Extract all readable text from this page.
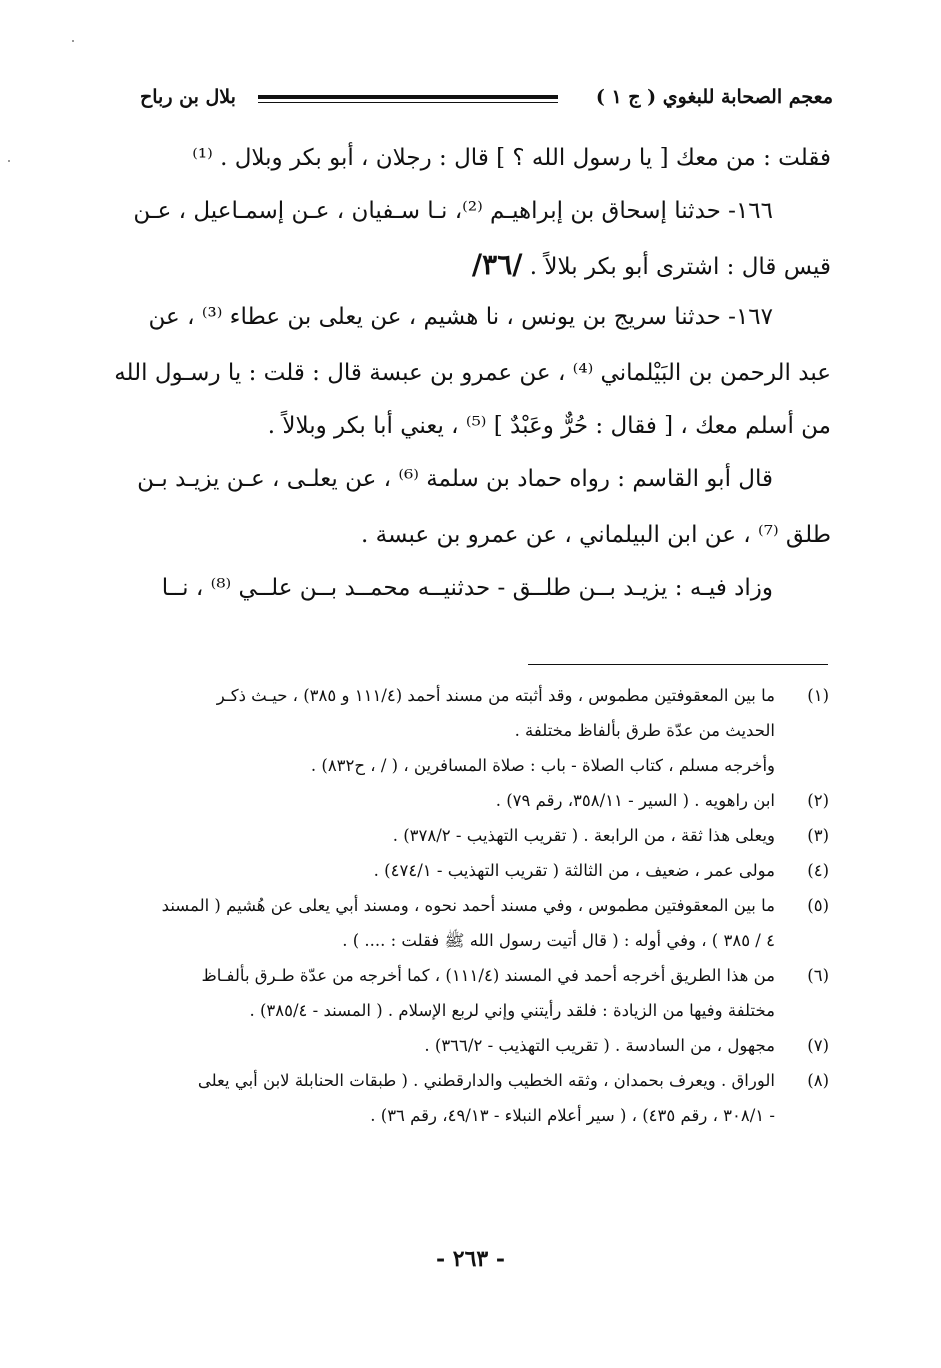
معجم الصحابة للبغوي ( ج ١ )
بلال بن رباح
فقلت : من معك [ يا رسول الله ؟ ] قال : رجلان ، أبو بكر وبلال . ⁽¹⁾
١٦٦- حدثنا إسحاق بن إبراهيـم ⁽²⁾، نـا سـفيان ، عـن إسمـاعيل ، عـن
قيس قال : اشترى أبو بكر بلالاً . /٣٦/
١٦٧- حدثنا سريج بن يونس ، نا هشيم ، عن يعلى بن عطاء ⁽³⁾ ، عن
عبد الرحمن بن البَيْلماني ⁽⁴⁾ ، عن عمرو بن عبسة قال : قلت : يا رسـول الله
من أسلم معك ، [ فقال : حُرٌّ وعَبْدٌ ] ⁽⁵⁾ ، يعني أبا بكر وبلالاً .
قال أبو القاسم : رواه حماد بن سلمة ⁽⁶⁾ ، عن يعلـى ، عـن يزيـد بـن
طلق ⁽⁷⁾ ، عن ابن البيلماني ، عن عمرو بن عبسة .
وزاد فيـه : يزيـد بــن طلــق - حدثنيــه محمــد بــن علــي ⁽⁸⁾ ، نــا
(١)
ما بين المعقوفتين مطموس ، وقد أثبته من مسند أحمد (١١١/٤ و ٣٨٥) ، حيـث ذكـر
الحديث من عدّة طرق بألفاظ مختلفة .
وأخرجه مسلم ، كتاب الصلاة - باب : صلاة المسافرين ، ( / ، ح٨٣٢) .
(٢)
ابن راهويه . ( السير - ٣٥٨/١١، رقم ٧٩) .
(٣)
ويعلى هذا ثقة ، من الرابعة . ( تقريب التهذيب - ٣٧٨/٢) .
(٤)
مولى عمر ، ضعيف ، من الثالثة ( تقريب التهذيب - ٤٧٤/١) .
(٥)
ما بين المعقوفتين مطموس ، وفي مسند أحمد نحوه ، ومسند أبي يعلى عن هُشيم ( المسند
٤ / ٣٨٥ ) ، وفي أوله : ( قال أتيت رسول الله ﷺ فقلت : .... ) .
(٦)
من هذا الطريق أخرجه أحمد في المسند (١١١/٤) ، كما أخرجه من عدّة طـرق بألفـاظ
مختلفة وفيها من الزيادة : فلقد رأيتني وإني لربع الإسلام . ( المسند - ٣٨٥/٤) .
(٧)
مجهول ، من السادسة . ( تقريب التهذيب - ٣٦٦/٢) .
(٨)
الوراق . ويعرف بحمدان ، وثقه الخطيب والدارقطني . ( طبقات الحنابلة لابن أبي يعلى
- ٣٠٨/١ ، رقم ٤٣٥) ، ( سير أعلام النبلاء - ٤٩/١٣، رقم ٣٦) .
- ٢٦٣ -
